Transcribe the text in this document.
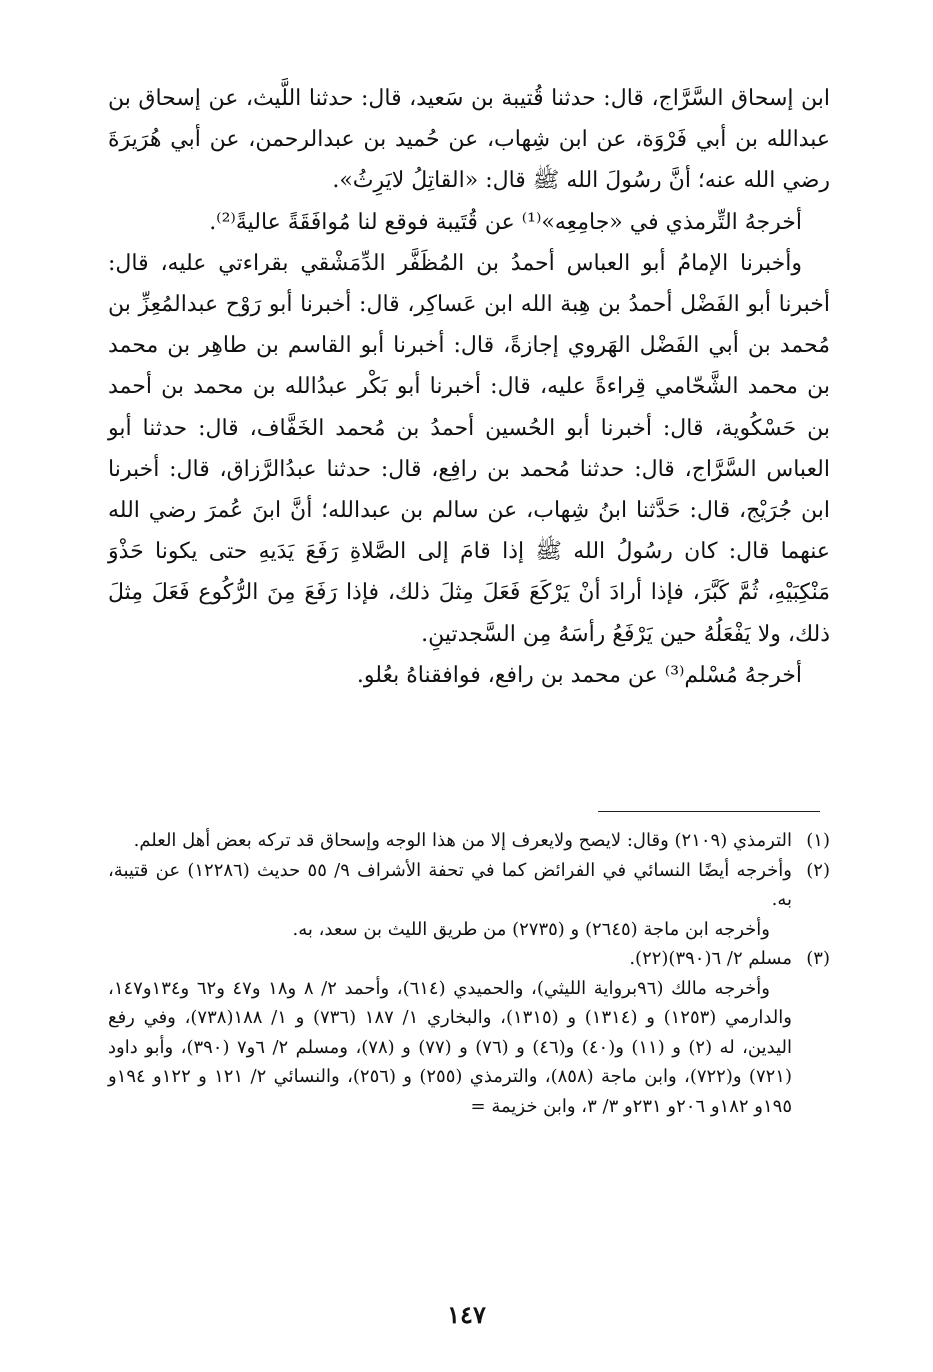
ابن إسحاق السَّرَّاج، قال: حدثنا قُتيبة بن سَعيد، قال: حدثنا اللَّيث، عن إسحاق بن عبدالله بن أبي فَرْوَة، عن ابن شِهاب، عن حُميد بن عبدالرحمن، عن أبي هُرَيرَةَ رضي الله عنه؛ أنَّ رسُولَ الله ﷺ قال: «القاتِلُ لايَرِثُ».

أخرجهُ التِّرمذي في «جامِعِه»⁽¹⁾ عن قُتَيبة فوقع لنا مُوافَقَةً عاليةً⁽²⁾.

وأخبرنا الإمامُ أبو العباس أحمدُ بن المُظَفَّر الدِّمَشْقي بقراءتي عليه، قال: أخبرنا أبو الفَضْل أحمدُ بن هِبة الله ابن عَساكِر، قال: أخبرنا أبو رَوْح عبدالمُعِزِّ بن مُحمد بن أبي الفَضْل الهَروي إجازةً، قال: أخبرنا أبو القاسم بن طاهِر بن محمد بن محمد الشَّحّامي قِراءةً عليه، قال: أخبرنا أبو بَكْر عبدُالله بن محمد بن أحمد بن حَسْكُوية، قال: أخبرنا أبو الحُسين أحمدُ بن مُحمد الخَفَّاف، قال: حدثنا أبو العباس السَّرَّاج، قال: حدثنا مُحمد بن رافِع، قال: حدثنا عبدُالرَّزاق، قال: أخبرنا ابن جُرَيْج، قال: حَدَّثنا ابنُ شِهاب، عن سالم بن عبدالله؛ أنَّ ابنَ عُمرَ رضي الله عنهما قال: كان رسُولُ الله ﷺ إذا قامَ إلى الصَّلاةِ رَفَعَ يَدَيهِ حتى يكونا حَذْوَ مَنْكِبَيْهِ، ثُمَّ كَبَّرَ، فإذا أرادَ أنْ يَرْكَعَ فَعَلَ مِثلَ ذلك، فإذا رَفَعَ مِنَ الرُّكُوع فَعَلَ مِثلَ ذلك، ولا يَفْعَلُهُ حين يَرْفَعُ رأسَهُ مِن السَّجدتينِ.

أخرجهُ مُسْلم⁽³⁾ عن محمد بن رافع، فوافقناهُ بعُلو.

(١)

الترمذي (٢١٠٩) وقال: لايصح ولايعرف إلا من هذا الوجه وإسحاق قد تركه بعض أهل العلم.

(٢)

وأخرجه أيضًا النسائي في الفرائض كما في تحفة الأشراف ٩/ ٥٥ حديث (١٢٢٨٦) عن قتيبة، به.

وأخرجه ابن ماجة (٢٦٤٥) و (٢٧٣٥) من طريق الليث بن سعد، به.

(٣)

مسلم ٢/ ٦(٣٩٠)(٢٢).

وأخرجه مالك (٩٦برواية الليثي)، والحميدي (٦١٤)، وأحمد ٢/ ٨ و١٨ و٤٧ و٦٢ و١٣٤و١٤٧، والدارمي (١٢٥٣) و (١٣١٤) و (١٣١٥)، والبخاري ١/ ١٨٧ (٧٣٦) و ١/ ١٨٨(٧٣٨)، وفي رفع اليدين، له (٢) و (١١) و(٤٠) و(٤٦) و (٧٦) و (٧٧) و (٧٨)، ومسلم ٢/ ٦و٧ (٣٩٠)، وأبو داود (٧٢١) و(٧٢٢)، وابن ماجة (٨٥٨)، والترمذي (٢٥٥) و (٢٥٦)، والنسائي ٢/ ١٢١ و ١٢٢و ١٩٤و ١٩٥و ١٨٢و ٢٠٦و ٢٣١و ٣/ ٣، وابن خزيمة =

١٤٧
